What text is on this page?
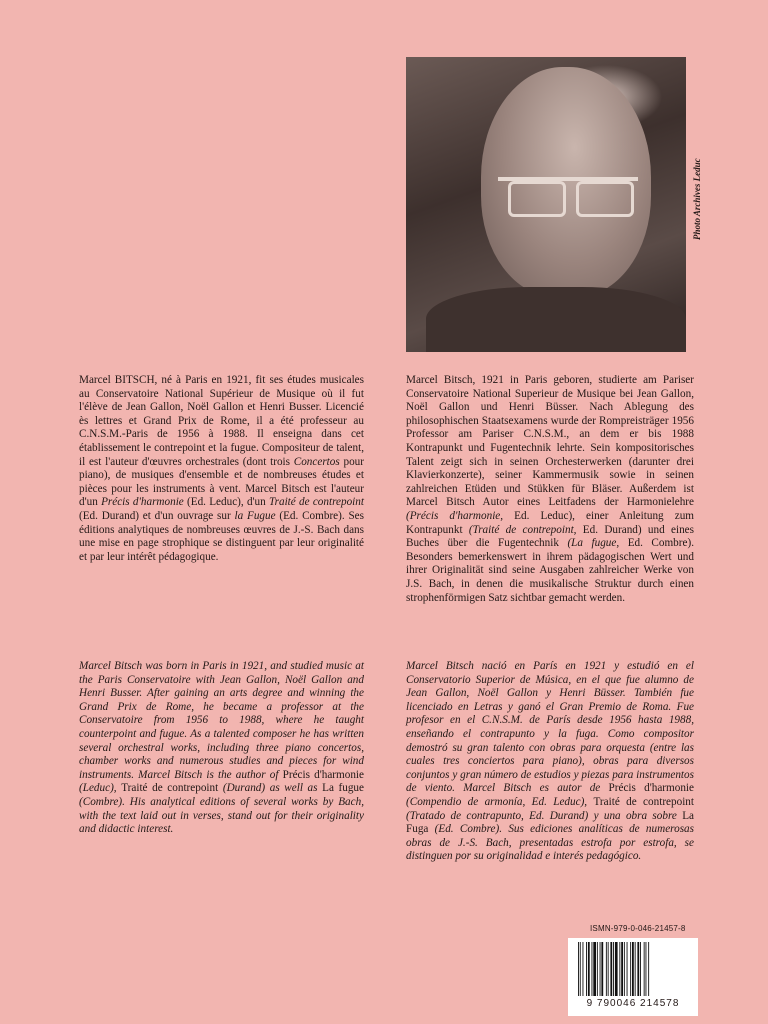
Photo Archives Leduc
Marcel BITSCH, né à Paris en 1921, fit ses études musicales au Conservatoire National Supérieur de Musique où il fut l'élève de Jean Gallon, Noël Gallon et Henri Busser. Licencié ès lettres et Grand Prix de Rome, il a été professeur au C.N.S.M.-Paris de 1956 à 1988. Il enseigna dans cet établissement le contrepoint et la fugue. Compositeur de talent, il est l'auteur d'œuvres orchestrales (dont trois Concertos pour piano), de musiques d'ensemble et de nombreuses études et pièces pour les instruments à vent. Marcel Bitsch est l'auteur d'un Précis d'harmonie (Ed. Leduc), d'un Traité de contrepoint (Ed. Durand) et d'un ouvrage sur la Fugue (Ed. Combre). Ses éditions analytiques de nombreuses œuvres de J.-S. Bach dans une mise en page strophique se distinguent par leur originalité et par leur intérêt pédagogique.
Marcel Bitsch, 1921 in Paris geboren, studierte am Pariser Conservatoire National Superieur de Musique bei Jean Gallon, Noël Gallon und Henri Büsser. Nach Ablegung des philosophischen Staatsexamens wurde der Rompreisträger 1956 Professor am Pariser C.N.S.M., an dem er bis 1988 Kontrapunkt und Fugentechnik lehrte. Sein kompositorisches Talent zeigt sich in seinen Orchesterwerken (darunter drei Klavierkonzerte), seiner Kammermusik sowie in seinen zahlreichen Etüden und Stükken für Bläser. Außerdem ist Marcel Bitsch Autor eines Leitfadens der Harmonielehre (Précis d'harmonie, Ed. Leduc), einer Anleitung zum Kontrapunkt (Traité de contrepoint, Ed. Durand) und eines Buches über die Fugentechnik (La fugue, Ed. Combre). Besonders bemerkenswert in ihrem pädagogischen Wert und ihrer Originalität sind seine Ausgaben zahlreicher Werke von J.S. Bach, in denen die musikalische Struktur durch einen strophenförmigen Satz sichtbar gemacht werden.
Marcel Bitsch was born in Paris in 1921, and studied music at the Paris Conservatoire with Jean Gallon, Noël Gallon and Henri Busser. After gaining an arts degree and winning the Grand Prix de Rome, he became a professor at the Conservatoire from 1956 to 1988, where he taught counterpoint and fugue. As a talented composer he has written several orchestral works, including three piano concertos, chamber works and numerous studies and pieces for wind instruments. Marcel Bitsch is the author of Précis d'harmonie (Leduc), Traité de contrepoint (Durand) as well as La fugue (Combre). His analytical editions of several works by Bach, with the text laid out in verses, stand out for their originality and didactic interest.
Marcel Bitsch nació en París en 1921 y estudió en el Conservatorio Superior de Música, en el que fue alumno de Jean Gallon, Noël Gallon y Henri Büsser. También fue licenciado en Letras y ganó el Gran Premio de Roma. Fue profesor en el C.N.S.M. de París desde 1956 hasta 1988, enseñando el contrapunto y la fuga. Como compositor demostró su gran talento con obras para orquesta (entre las cuales tres conciertos para piano), obras para diversos conjuntos y gran número de estudios y piezas para instrumentos de viento. Marcel Bitsch es autor de Précis d'harmonie (Compendio de armonía, Ed. Leduc), Traité de contrepoint (Tratado de contrapunto, Ed. Durand) y una obra sobre La Fuga (Ed. Combre). Sus ediciones analíticas de numerosas obras de J.-S. Bach, presentadas estrofa por estrofa, se distinguen por su originalidad e interés pedagógico.
ISMN-979-0-046-21457-8
9 790046 214578
